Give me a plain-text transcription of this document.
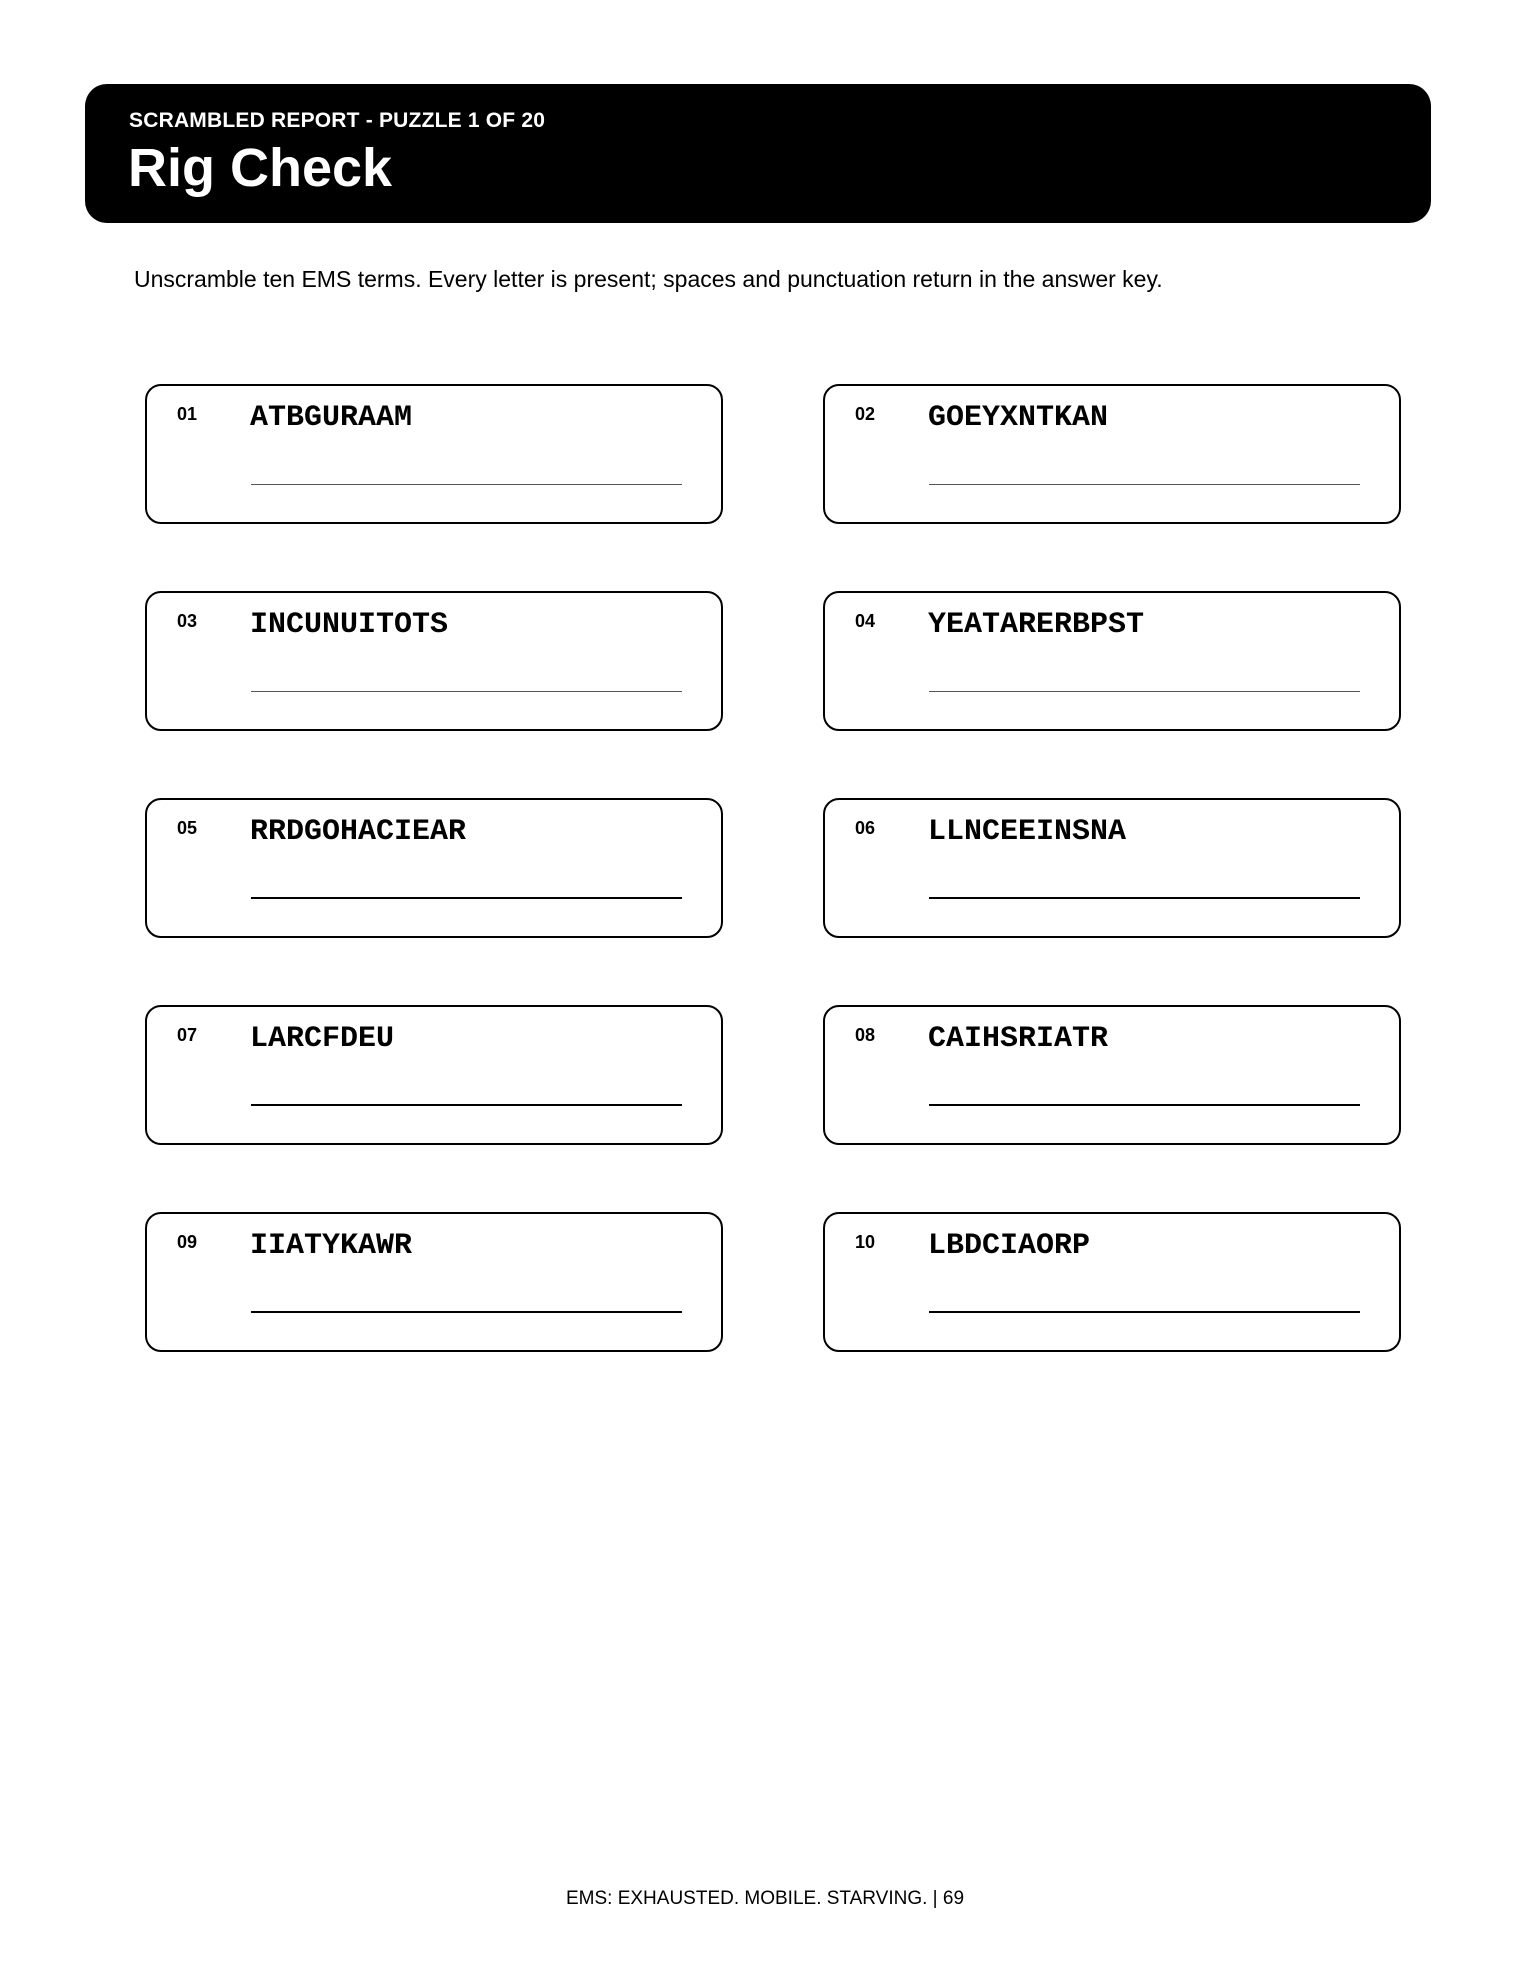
SCRAMBLED REPORT - PUZZLE 1 OF 20
Rig Check
Unscramble ten EMS terms. Every letter is present; spaces and punctuation return in the answer key.
01 ATBGURAAM	02 GOEYXNTKAN
03 INCUNUITOTS	04 YEATARERBPST
05 RRDGOHACIEAR	06 LLNCEEINSNA
07 LARCFDEU	08 CAIHSRIATR
09 IIATYKAWR	10 LBDCIAORP
EMS: EXHAUSTED. MOBILE. STARVING. | 69
